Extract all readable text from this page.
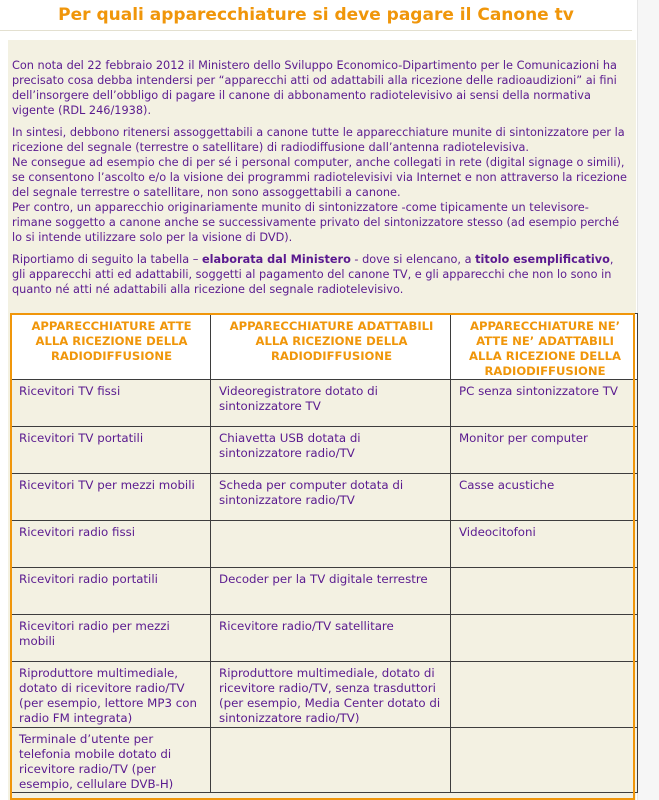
Per quali apparecchiature si deve pagare il Canone tv

Con nota del 22 febbraio 2012 il Ministero dello Sviluppo Economico-Dipartimento per le Comunicazioni ha precisato cosa debba intendersi per “apparecchi atti od adattabili alla ricezione delle radioaudizioni” ai fini dell’insorgere dell’obbligo di pagare il canone di abbonamento radiotelevisivo ai sensi della normativa vigente (RDL 246/1938).

In sintesi, debbono ritenersi assoggettabili a canone tutte le apparecchiature munite di sintonizzatore per la ricezione del segnale (terrestre o satellitare) di radiodiffusione dall’antenna radiotelevisiva.

Ne consegue ad esempio che di per sé i personal computer, anche collegati in rete (digital signage o simili), se consentono l’ascolto e/o la visione dei programmi radiotelevisivi via Internet e non attraverso la ricezione del segnale terrestre o satellitare, non sono assoggettabili a canone.

Per contro, un apparecchio originariamente munito di sintonizzatore -come tipicamente un televisore- rimane soggetto a canone anche se successivamente privato del sintonizzatore stesso (ad esempio perché lo si intende utilizzare solo per la visione di DVD).

Riportiamo di seguito la tabella – elaborata dal Ministero - dove si elencano, a titolo esemplificativo, gli apparecchi atti ed adattabili, soggetti al pagamento del canone TV, e gli apparecchi che non lo sono in quanto né atti né adattabili alla ricezione del segnale radiotelevisivo.

APPARECCHIATURE ATTE ALLA RICEZIONE DELLA RADIODIFFUSIONE	APPARECCHIATURE ADATTABILI ALLA RICEZIONE DELLA RADIODIFFUSIONE	APPARECCHIATURE NE’ ATTE NE’ ADATTABILI ALLA RICEZIONE DELLA RADIODIFFUSIONE
Ricevitori TV fissi	Videoregistratore dotato di sintonizzatore TV	PC senza sintonizzatore TV
Ricevitori TV portatili	Chiavetta USB dotata di sintonizzatore radio/TV	Monitor per computer
Ricevitori TV per mezzi mobili	Scheda per computer dotata di sintonizzatore radio/TV	Casse acustiche
Ricevitori radio fissi		Videocitofoni
Ricevitori radio portatili	Decoder per la TV digitale terrestre	
Ricevitori radio per mezzi mobili	Ricevitore radio/TV satellitare	
Riproduttore multimediale, dotato di ricevitore radio/TV (per esempio, lettore MP3 con radio FM integrata)	Riproduttore multimediale, dotato di ricevitore radio/TV, senza trasduttori (per esempio, Media Center dotato di sintonizzatore radio/TV)	
Terminale d’utente per telefonia mobile dotato di ricevitore radio/TV (per esempio, cellulare DVB-H)		
